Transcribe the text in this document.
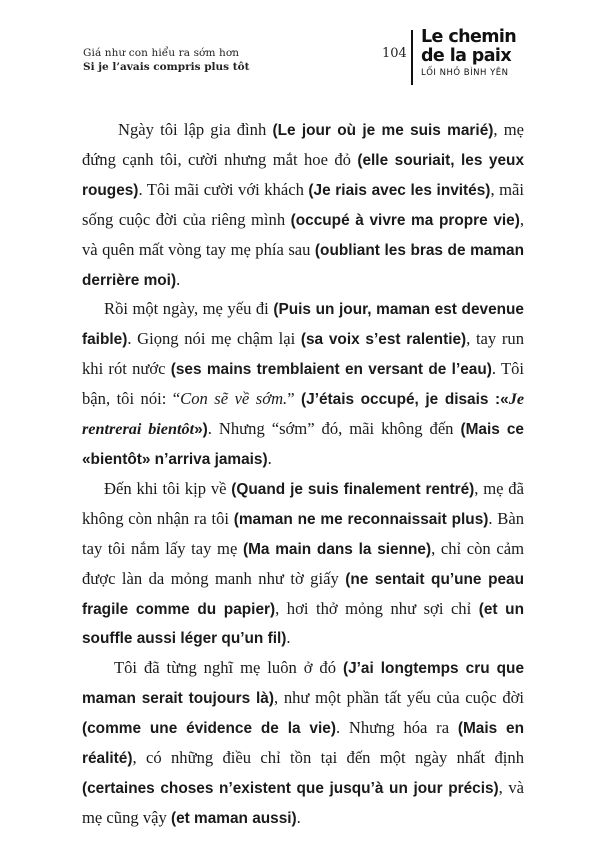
Giá như con hiểu ra sớm hơn
Si je l’avais compris plus tôt
104
Le chemin
de la paix
LỐI NHỎ BÌNH YÊN

Ngày tôi lập gia đình (Le jour où je me suis marié), mẹ đứng cạnh tôi, cười nhưng mắt hoe đỏ (elle souriait, les yeux rouges). Tôi mãi cười với khách (Je riais avec les invités), mãi sống cuộc đời của riêng mình (occupé à vivre ma propre vie), và quên mất vòng tay mẹ phía sau (oubliant les bras de maman derrière moi).

Rồi một ngày, mẹ yếu đi (Puis un jour, maman est devenue faible). Giọng nói mẹ chậm lại (sa voix s’est ralentie), tay run khi rót nước (ses mains tremblaient en versant de l’eau). Tôi bận, tôi nói: “Con sẽ về sớm.” (J’étais occupé, je disais :«Je rentrerai bientôt»). Nhưng “sớm” đó, mãi không đến (Mais ce «bientôt» n’arriva jamais).

Đến khi tôi kịp về (Quand je suis finalement rentré), mẹ đã không còn nhận ra tôi (maman ne me reconnaissait plus). Bàn tay tôi nắm lấy tay mẹ (Ma main dans la sienne), chỉ còn cảm được làn da mỏng manh như tờ giấy (ne sentait qu’une peau fragile comme du papier), hơi thở mỏng như sợi chỉ (et un souffle aussi léger qu’un fil).

Tôi đã từng nghĩ mẹ luôn ở đó (J’ai longtemps cru que maman serait toujours là), như một phần tất yếu của cuộc đời (comme une évidence de la vie). Nhưng hóa ra (Mais en réalité), có những điều chỉ tồn tại đến một ngày nhất định (certaines choses n’existent que jusqu’à un jour précis), và mẹ cũng vậy (et maman aussi).
